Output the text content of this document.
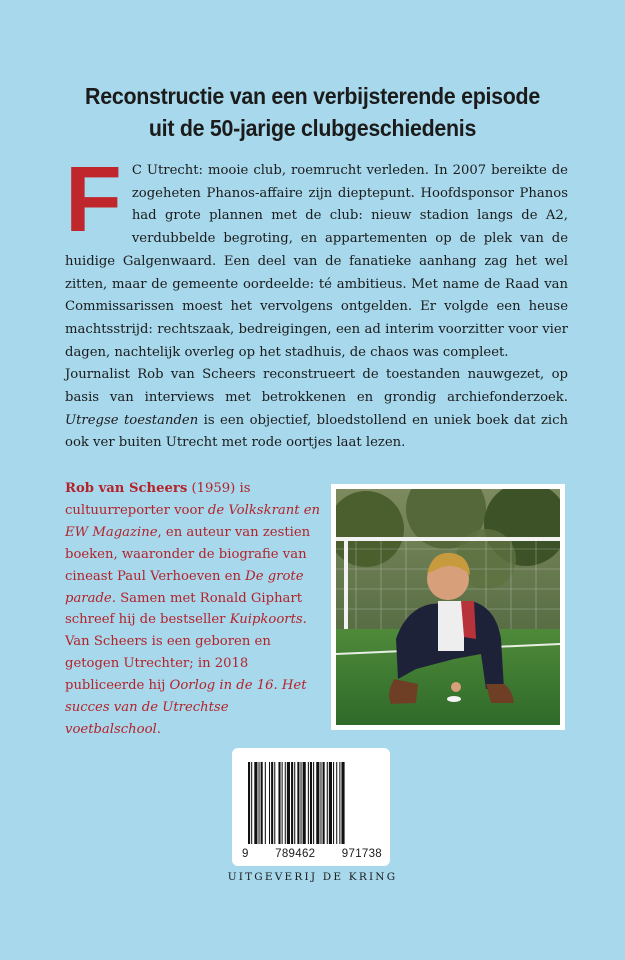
Reconstructie van een verbijsterende episode
uit de 50-jarige clubgeschiedenis

F C Utrecht: mooie club, roemrucht verleden. In 2007 bereikte de zogeheten Phanos-affaire zijn dieptepunt. Hoofdsponsor Phanos had grote plannen met de club: nieuw stadion langs de A2, verdubbelde begroting, en appartementen op de plek van de huidige Galgenwaard. Een deel van de fanatieke aanhang zag het wel zitten, maar de gemeente oordeelde: té ambitieus. Met name de Raad van Commissarissen moest het vervolgens ontgelden. Er volgde een heuse machtsstrijd: rechtszaak, bedreigingen, een ad interim voorzitter voor vier dagen, nachtelijk overleg op het stadhuis, de chaos was compleet.

Journalist Rob van Scheers reconstrueert de toestanden nauwgezet, op basis van interviews met betrokkenen en grondig archiefonderzoek. Utregse toestanden is een objectief, bloedstollend en uniek boek dat zich ook ver buiten Utrecht met rode oortjes laat lezen.

Rob van Scheers (1959) is cultuurreporter voor de Volkskrant en EW Magazine, en auteur van zestien boeken, waaronder de biografie van cineast Paul Verhoeven en De grote parade. Samen met Ronald Giphart schreef hij de bestseller Kuipkoorts. Van Scheers is een geboren en getogen Utrechter; in 2018 publiceerde hij Oorlog in de 16. Het succes van de Utrechtse voetbalschool.

9 789462 971738
UITGEVERIJ DE KRING
